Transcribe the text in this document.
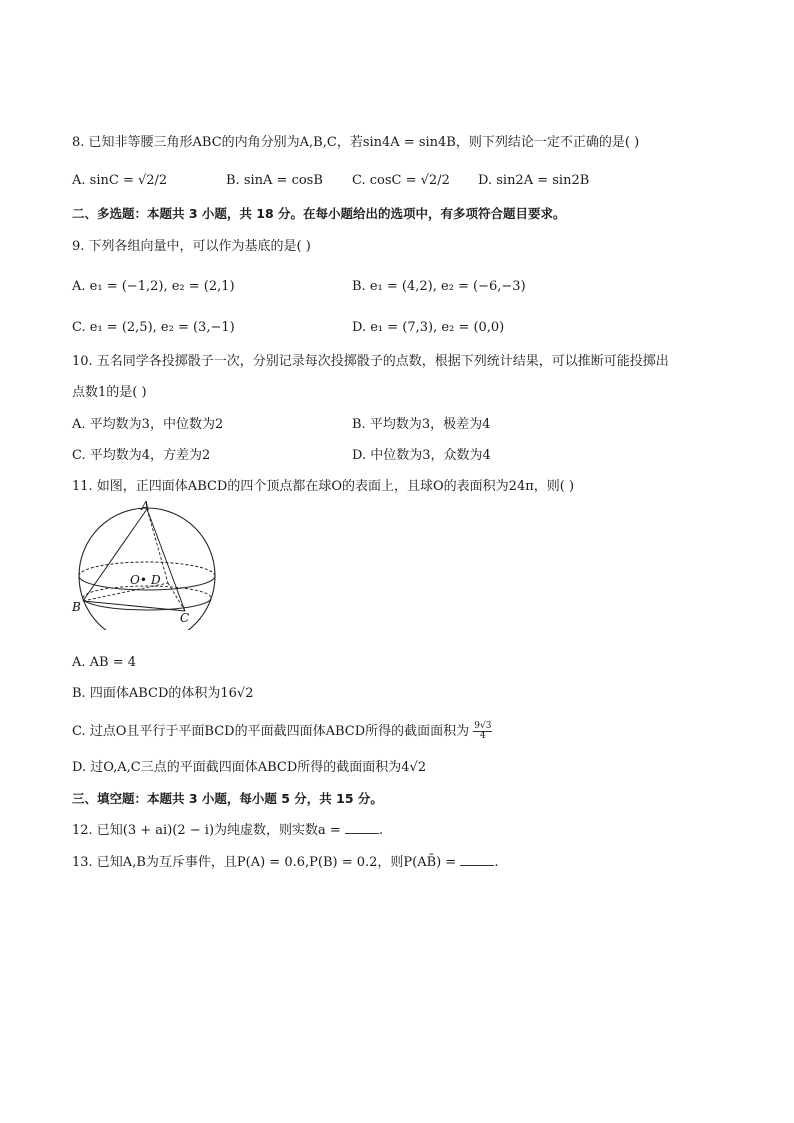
8. 已知非等腰三角形ABC的内角分别为A,B,C，若sin4A = sin4B，则下列结论一定不正确的是( )
A. sinC = √2/2	B. sinA = cosB C. cosC = √2/2 D. sin2A = sin2B
二、多选题：本题共 3 小题，共 18 分。在每小题给出的选项中，有多项符合题目要求。
9. 下列各组向量中，可以作为基底的是( )
A. e₁ = (−1,2), e₂ = (2,1)	B. e₁ = (4,2), e₂ = (−6,−3)
C. e₁ = (2,5), e₂ = (3,−1)	D. e₁ = (7,3), e₂ = (0,0)
10. 五名同学各投掷骰子一次，分别记录每次投掷骰子的点数，根据下列统计结果，可以推断可能投掷出
点数1的是( )
A. 平均数为3，中位数为2	B. 平均数为3，极差为4
C. 平均数为4，方差为2	D. 中位数为3，众数为4
11. 如图，正四面体ABCD的四个顶点都在球O的表面上，且球O的表面积为24π，则( )
A
O• D
B
C
A. AB = 4
B. 四面体ABCD的体积为16√2
C. 过点O且平行于平面BCD的平面截四面体ABCD所得的截面面积为 $\frac{9√3}{4}$
D. 过O,A,C三点的平面截四面体ABCD所得的截面面积为4√2
三、填空题：本题共 3 小题，每小题 5 分，共 15 分。
12. 已知(3 + ai)(2 − i)为纯虚数，则实数a =	.
13. 已知A,B为互斥事件，且P(A) = 0.6,P(B) = 0.2，则P(AB̄) =	.
